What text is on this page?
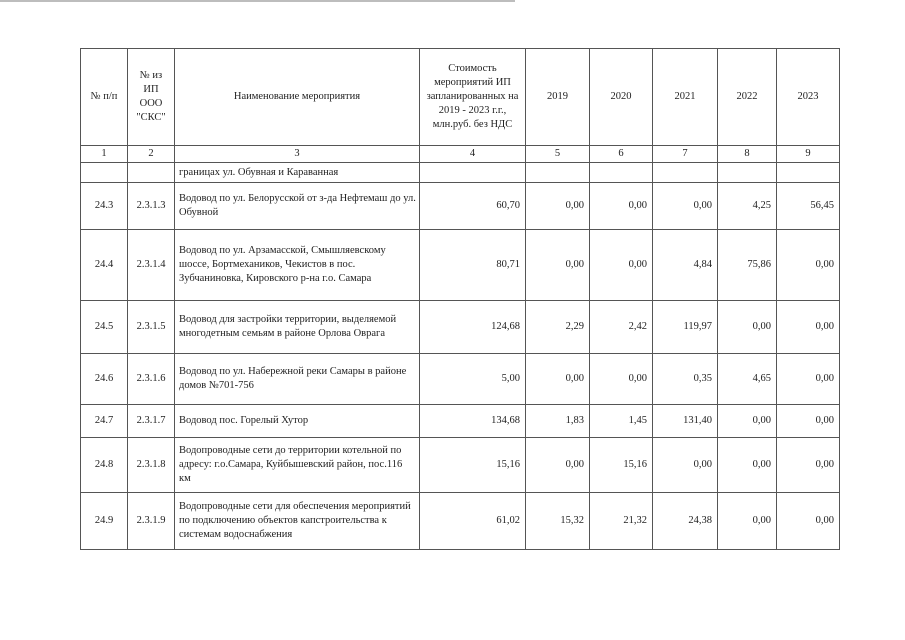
№ п/п	№ из ИП ООО "СКС"	Наименование мероприятия	Стоимость мероприятий ИП запланированных на 2019 - 2023 г.г., млн.руб. без НДС	2019	2020	2021	2022	2023
1	2	3	4	5	6	7	8	9
		границах ул. Обувная и Караванная						
24.3	2.3.1.3	Водовод по ул. Белорусской от з-да Нефтемаш до ул. Обувной	60,70	0,00	0,00	0,00	4,25	56,45
24.4	2.3.1.4	Водовод по ул. Арзамасской, Смышляевскому шоссе, Бортмехаников, Чекистов в пос. Зубчаниновка, Кировского р-на г.о. Самара	80,71	0,00	0,00	4,84	75,86	0,00
24.5	2.3.1.5	Водовод для застройки территории, выделяемой многодетным семьям в районе Орлова Оврага	124,68	2,29	2,42	119,97	0,00	0,00
24.6	2.3.1.6	Водовод по ул. Набережной реки Самары в районе домов №701-756	5,00	0,00	0,00	0,35	4,65	0,00
24.7	2.3.1.7	Водовод пос. Горелый Хутор	134,68	1,83	1,45	131,40	0,00	0,00
24.8	2.3.1.8	Водопроводные сети до территории котельной по адресу: г.о.Самара, Куйбышевский район, пос.116 км	15,16	0,00	15,16	0,00	0,00	0,00
24.9	2.3.1.9	Водопроводные сети для обеспечения мероприятий по подключению объектов капстроительства к системам водоснабжения	61,02	15,32	21,32	24,38	0,00	0,00
